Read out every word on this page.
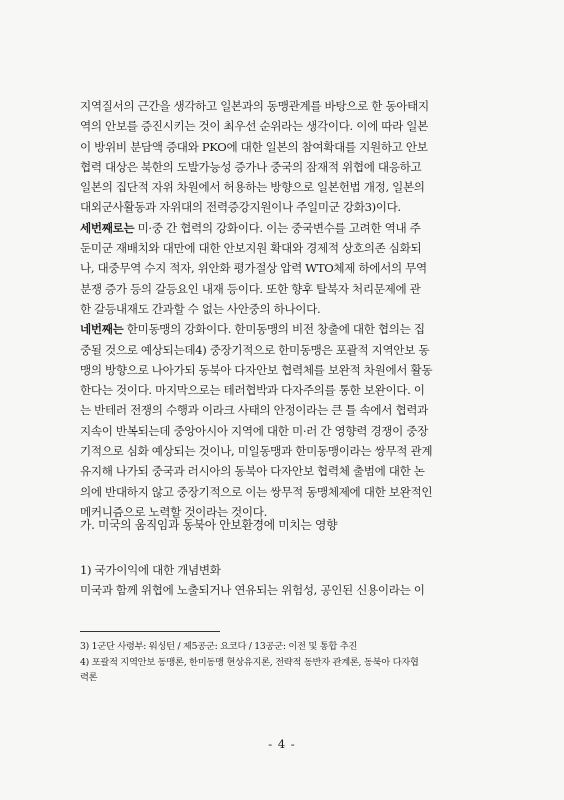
지역질서의 근간을 생각하고 일본과의 동맹관계를 바탕으로 한 동아태지
역의 안보를 증진시키는 것이 최우선 순위라는 생각이다. 이에 따라 일본
이 방위비 분담액 증대와 PKO에 대한 일본의 참여확대를 지원하고 안보
협력 대상은 북한의 도발가능성 증가나 중국의 잠재적 위협에 대응하고
일본의 집단적 자위 차원에서 허용하는 방향으로 일본헌법 개정, 일본의
대외군사활동과 자위대의 전력증강지원이나 주일미군 강화3)이다.
세번째로는 미·중 간 협력의 강화이다. 이는 중국변수를 고려한 역내 주
둔미군 재배치와 대만에 대한 안보지원 확대와 경제적 상호의존 심화되
나, 대중무역 수지 적자, 위안화 평가절상 압력 WTO체제 하에서의 무역
분쟁 증가 등의 갈등요인 내재 등이다. 또한 향후 탈북자 처리문제에 관
한 갈등내재도 간과할 수 없는 사안중의 하나이다.
네번째는 한미동맹의 강화이다. 한미동맹의 비전 창출에 대한 협의는 집
중될 것으로 예상되는데4) 중장기적으로 한미동맹은 포괄적 지역안보 동
맹의 방향으로 나아가되 동북아 다자안보 협력체를 보완적 차원에서 활동
한다는 것이다. 마지막으로는 테러협박과 다자주의를 통한 보완이다. 이
는 반테러 전쟁의 수행과 이라크 사태의 안정이라는 큰 틀 속에서 협력과
지속이 반복되는데 중앙아시아 지역에 대한 미·러 간 영향력 경쟁이 중장
기적으로 심화 예상되는 것이나, 미일동맹과 한미동맹이라는 쌍무적 관계
유지해 나가되 중국과 러시아의 동북아 다자안보 협력체 출범에 대한 논
의에 반대하지 않고 중장기적으로 이는 쌍무적 동맹체제에 대한 보완적인
메커니즘으로 노력할 것이라는 것이다.
가. 미국의 움직임과 동북아 안보환경에 미치는 영향
1) 국가이익에 대한 개념변화
미국과 함께 위협에 노출되거나 연유되는 위험성, 공인된 신용이라는 이
3) 1군단 사령부: 워싱턴 / 제5공군: 요코다 / 13공군: 이전 및 통합 추진
4) 포괄적 지역안보 동맹론, 한미동맹 현상유지론, 전략적 동반자 관계론, 동북아 다자협
력론
- 4 -
